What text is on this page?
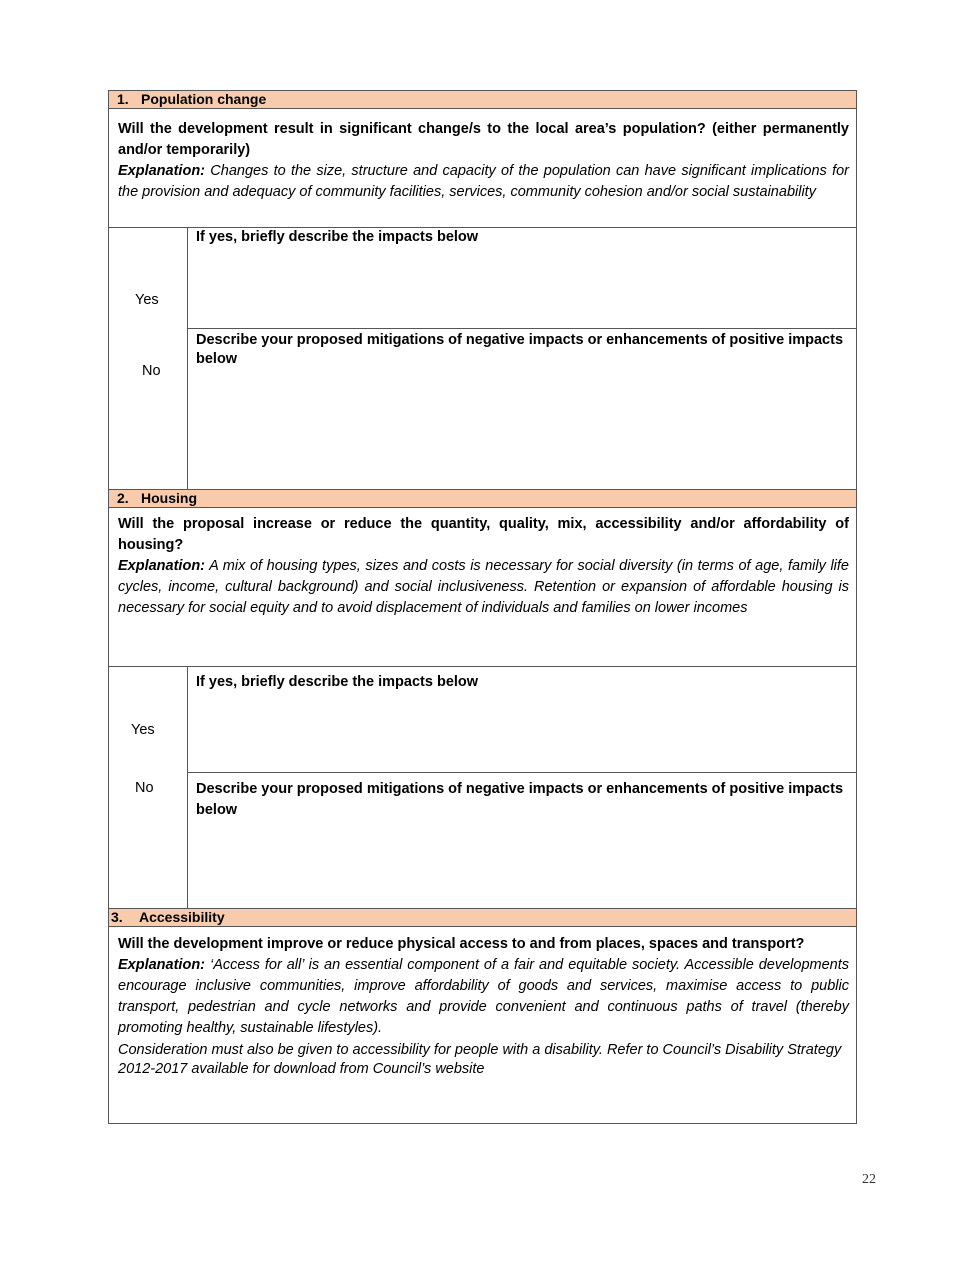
1. Population change
Will the development result in significant change/s to the local area’s population? (either permanently and/or temporarily)
Explanation: Changes to the size, structure and capacity of the population can have significant implications for the provision and adequacy of community facilities, services, community cohesion and/or social sustainability
Yes
No
If yes, briefly describe the impacts below
Describe your proposed mitigations of negative impacts or enhancements of positive impacts below
2. Housing
Will the proposal increase or reduce the quantity, quality, mix, accessibility and/or affordability of housing?
Explanation: A mix of housing types, sizes and costs is necessary for social diversity (in terms of age, family life cycles, income, cultural background) and social inclusiveness. Retention or expansion of affordable housing is necessary for social equity and to avoid displacement of individuals and families on lower incomes
Yes
No
If yes, briefly describe the impacts below
Describe your proposed mitigations of negative impacts or enhancements of positive impacts below
3. Accessibility
Will the development improve or reduce physical access to and from places, spaces and transport?
Explanation: ‘Access for all’ is an essential component of a fair and equitable society. Accessible developments encourage inclusive communities, improve affordability of goods and services, maximise access to public transport, pedestrian and cycle networks and provide convenient and continuous paths of travel (thereby promoting healthy, sustainable lifestyles).
Consideration must also be given to accessibility for people with a disability. Refer to Council’s Disability Strategy 2012-2017 available for download from Council’s website
22
